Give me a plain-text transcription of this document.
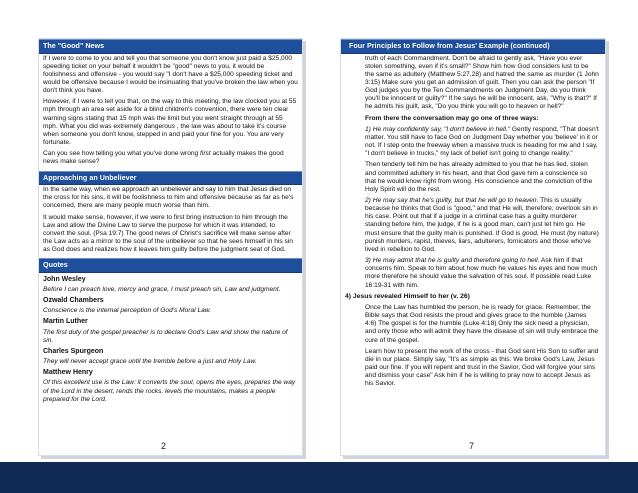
The "Good" News

If I were to come to you and tell you that someone you don't know just paid a $25,000 speeding ticket on your behalf it wouldn't be "good" news to you, it would be foolishness and offensive - you would say "I don't have a $25,000 speeding ticket and would be offensive because I would be insinuating that you've broken the law when you don't think you have.

However, if I were to tell you that, on the way to this meeting, the law clocked you at 55 mph through an area set aside for a blind children's convention, there were ten clear warning signs stating that 15 mph was the limit but you went straight through at 55 mph. What you did was extremely dangerous , the law was about to take it's course when someone you don't know, stepped in and paid your fine for you. You are very fortunate.

Can you see how telling you what you've done wrong first actually makes the good news make sense?

Approaching an Unbeliever

In the same way, when we approach an unbeliever and say to him that Jesus died on the cross for his sins, it will be foolishness to him and offensive because as far as he's concerned, there are many people much worse than him.

It would make sense, however, if we were to first bring instruction to him through the Law and allow the Divine Law to serve the purpose for which it was intended, to convert the soul. (Psa 19:7) The good news of Christ's sacrifice will make sense after the Law acts as a mirror to the soul of the unbeliever so that he sees himself in his sin as God does and realizes how it leaves him guilty before the judgment seat of God.

Quotes
John Wesley

Before I can preach love, mercy and grace, I must preach sin, Law and judgment.

Ozwald Chambers

Conscience is the internal perception of God's Moral Law.

Martin Luther

The first duty of the gospel preacher is to declare God's Law and show the nature of sin.

Charles Spurgeon

They will never accept grace until the tremble before a just and Holy Law.

Matthew Henry

Of this excellent use is the Law: it converts the soul, opens the eyes, prepares the way of the Lord in the desert, rends the rocks, levels the mountains, makes a people prepared for the Lord.

2
Four Principles to Follow from Jesus' Example (continued)

truth of each Commandment. Don't be afraid to gently ask, "Have you ever stolen something, even if it's small?" Show him how God considers lust to be the same as adultery (Matthew 5:27,28) and hatred the same as murder (1 John 3:15) Make sure you get an admission of guilt. Then you can ask the person "If God judges you by the Ten Commandments on Judgment Day, do you think you'll be innocent or guilty?" If he says he will be innocent, ask, "Why is that?" If he admits his guilt, ask, "Do you think you will go to heaven or hell?"

From there the conversation may go one of three ways:

1) He may confidently say, "I don't believe in hell." Gently respond, "That doesn't matter. You still have to face God on Judgment Day whether you 'believe' in it or not. If I step onto the freeway when a massive truck is heading for me and I say, "I don't believe in trucks," my lack of belief isn't going to change reality."

Then tenderly tell him he has already admitted to you that he has lied, stolen and committed adultery in his heart, and that God gave him a conscience so that he would know right from wrong. His conscience and the conviction of the Holy Spirit will do the rest.

2) He may say that he's guilty, but that he will go to heaven. This is usually because he thinks that God is "good," and that He will, therefore, overlook sin in his case. Point out that if a judge in a criminal case has a guilty murderer standing before him, the judge, if he is a good man, can't just let him go. He must ensure that the guilty man is punished. If God is good, He must (by nature) punish murders, rapist, thieves, liars, adulterers, fornicators and those who've lived in rebellion to God.

3) He may admit that he is guilty and therefore going to hell. Ask him if that concerns him. Speak to him about how much he values his eyes and how much more therefore he should value the salvation of his soul. If possible read Luke 16:19-31 with him.

4) Jesus revealed Himself to her (v. 26)

Once the Law has humbled the person, he is ready for grace. Remember, the Bible says that God resists the proud and gives grace to the humble (James 4:6) The gospel is for the humble (Luke 4:18) Only the sick need a physician, and only those who will admit they have the disease of sin will truly embrace the cure of the gospel.

Learn how to present the work of the cross - that God sent His Son to suffer and die in our place. Simply say, "It's as simple as this: We broke God's Law, Jesus paid our fine. If you will repent and trust in the Savior, God will forgive your sins and dismiss your case" Ask him if he is willing to pray now to accept Jesus as his Savior.

7
